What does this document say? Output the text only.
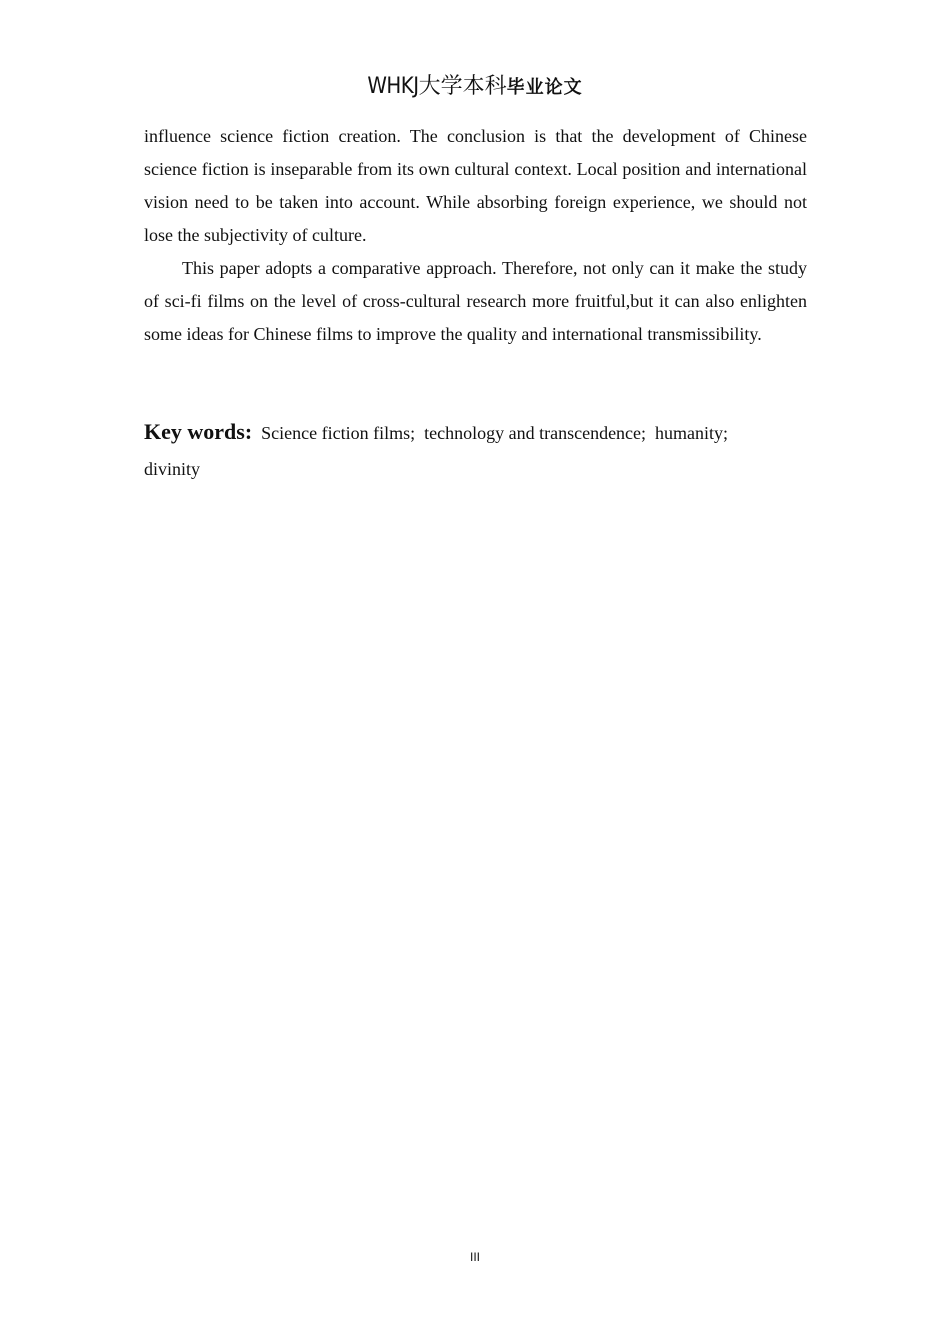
WHKJ大学本科毕业论文

influence science fiction creation. The conclusion is that the development of Chinese science fiction is inseparable from its own cultural context. Local position and international vision need to be taken into account. While absorbing foreign experience, we should not lose the subjectivity of culture.

This paper adopts a comparative approach. Therefore, not only can it make the study of sci-fi films on the level of cross-cultural research more fruitful,but it can also enlighten some ideas for Chinese films to improve the quality and international transmissibility.

Key words: Science fiction films; technology and transcendence; humanity;
divinity
III
